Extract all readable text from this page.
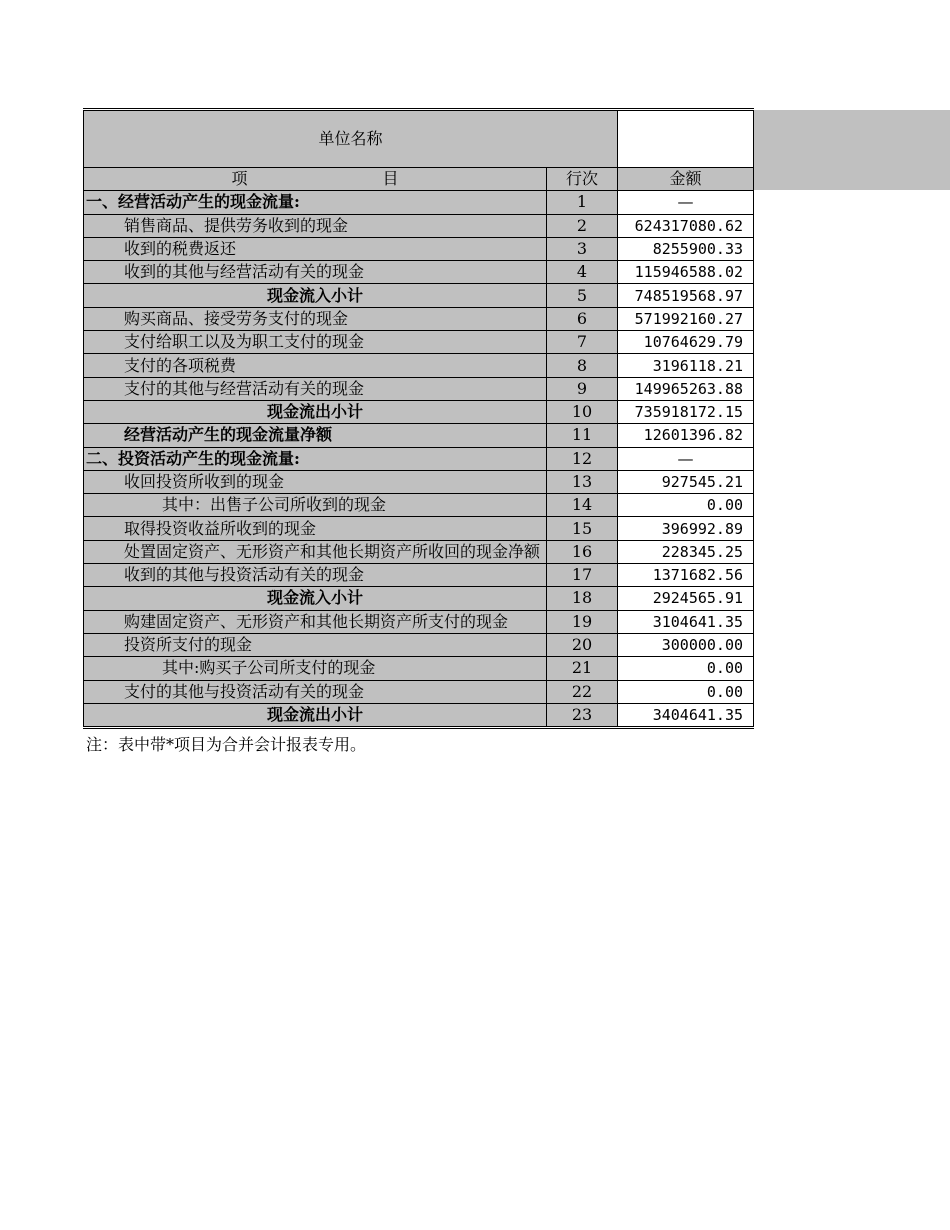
单位名称		
项 目	行次	金额
一、经营活动产生的现金流量:	1	—
销售商品、提供劳务收到的现金	2	624317080.62
收到的税费返还	3	8255900.33
收到的其他与经营活动有关的现金	4	115946588.02
现金流入小计	5	748519568.97
购买商品、接受劳务支付的现金	6	571992160.27
支付给职工以及为职工支付的现金	7	10764629.79
支付的各项税费	8	3196118.21
支付的其他与经营活动有关的现金	9	149965263.88
现金流出小计	10	735918172.15
经营活动产生的现金流量净额	11	12601396.82
二、投资活动产生的现金流量:	12	—
收回投资所收到的现金	13	927545.21
其中：出售子公司所收到的现金	14	0.00
取得投资收益所收到的现金	15	396992.89
处置固定资产、无形资产和其他长期资产所收回的现金净额	16	228345.25
收到的其他与投资活动有关的现金	17	1371682.56
现金流入小计	18	2924565.91
购建固定资产、无形资产和其他长期资产所支付的现金	19	3104641.35
投资所支付的现金	20	300000.00
其中:购买子公司所支付的现金	21	0.00
支付的其他与投资活动有关的现金	22	0.00
现金流出小计	23	3404641.35
注：表中带*项目为合并会计报表专用。
